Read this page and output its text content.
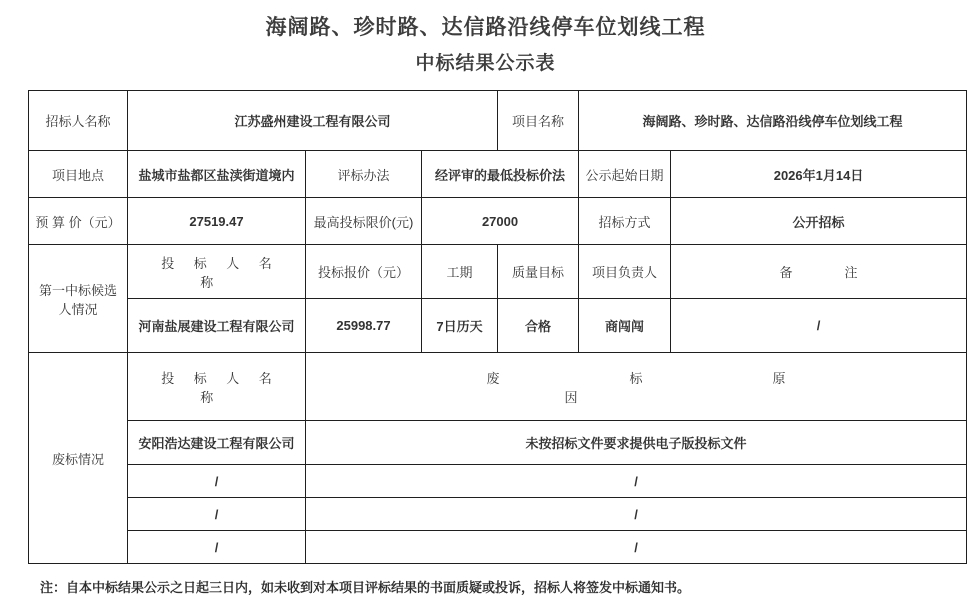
海阔路、珍时路、达信路沿线停车位划线工程
中标结果公示表
招标人名称	江苏盛州建设工程有限公司			项目名称	海阔路、珍时路、达信路沿线停车位划线工程	
项目地点	盐城市盐都区盐渎街道境内	评标办法	经评审的最低投标价法		公示起始日期	2026年1月14日
预 算 价（元）	27519.47	最高投标限价(元)	27000		招标方式	公开招标
第一中标候选人情况	投标人名称	投标报价（元）	工期	质量目标	项目负责人	备注
	河南盐展建设工程有限公司	25998.77	7日历天	合格	商闯闯	/
废标情况	投标人名称	废标原因				
	安阳浩达建设工程有限公司	未按招标文件要求提供电子版投标文件				
	/	/				
	/	/				
	/	/				
注：自本中标结果公示之日起三日内，如未收到对本项目评标结果的书面质疑或投诉，招标人将签发中标通知书。
